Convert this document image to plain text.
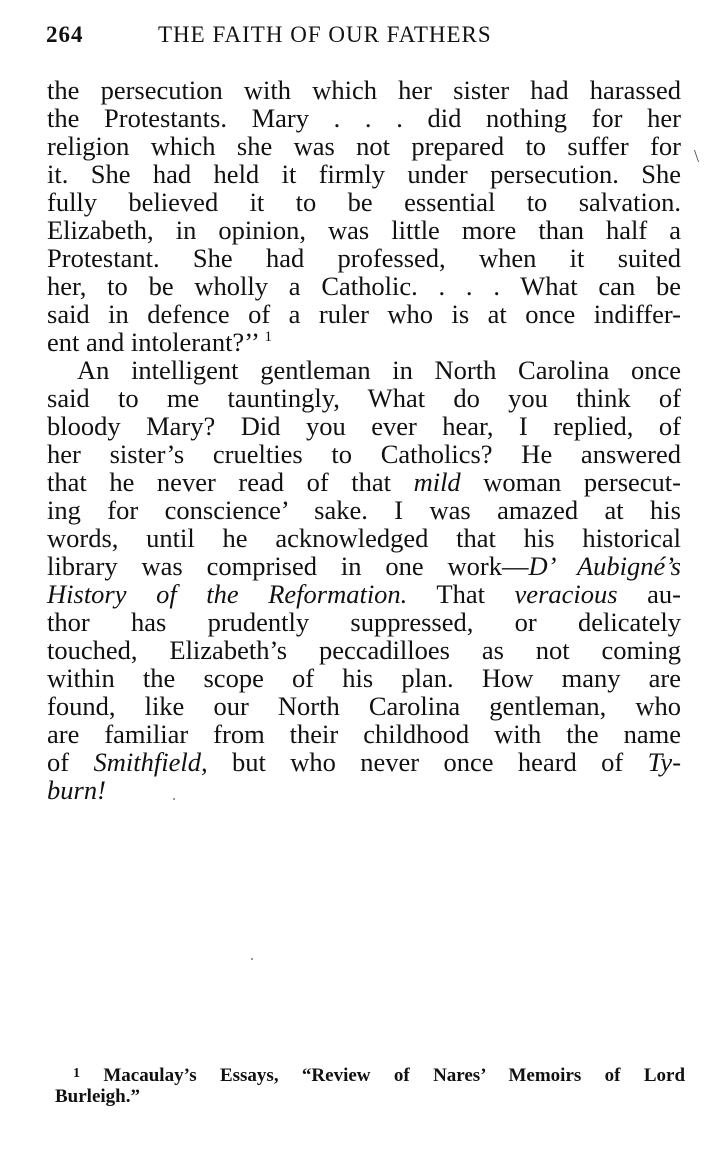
264	THE FAITH OF OUR FATHERS
the persecution with which her sister had harassed
the Protestants. Mary . . . did nothing for her
religion which she was not prepared to suffer for
it. She had held it firmly under persecution. She
fully believed it to be essential to salvation.
Elizabeth, in opinion, was little more than half a
Protestant. She had professed, when it suited
her, to be wholly a Catholic. . . . What can be
said in defence of a ruler who is at once indiffer-
ent and intolerant?’’ $^1$
An intelligent gentleman in North Carolina once
said to me tauntingly, What do you think of
bloody Mary? Did you ever hear, I replied, of
her sister’s cruelties to Catholics? He answered
that he never read of that mild woman persecut-
ing for conscience’ sake. I was amazed at his
words, until he acknowledged that his historical
library was comprised in one work—D’ Aubigné’s
History of the Reformation. That veracious au-
thor has prudently suppressed, or delicately
touched, Elizabeth’s peccadilloes as not coming
within the scope of his plan. How many are
found, like our North Carolina gentleman, who
are familiar from their childhood with the name
of Smithfield, but who never once heard of Ty-
burn!
$^1$ Macaulay’s Essays, “Review of Nares’ Memoirs of Lord
Burleigh.”
\
